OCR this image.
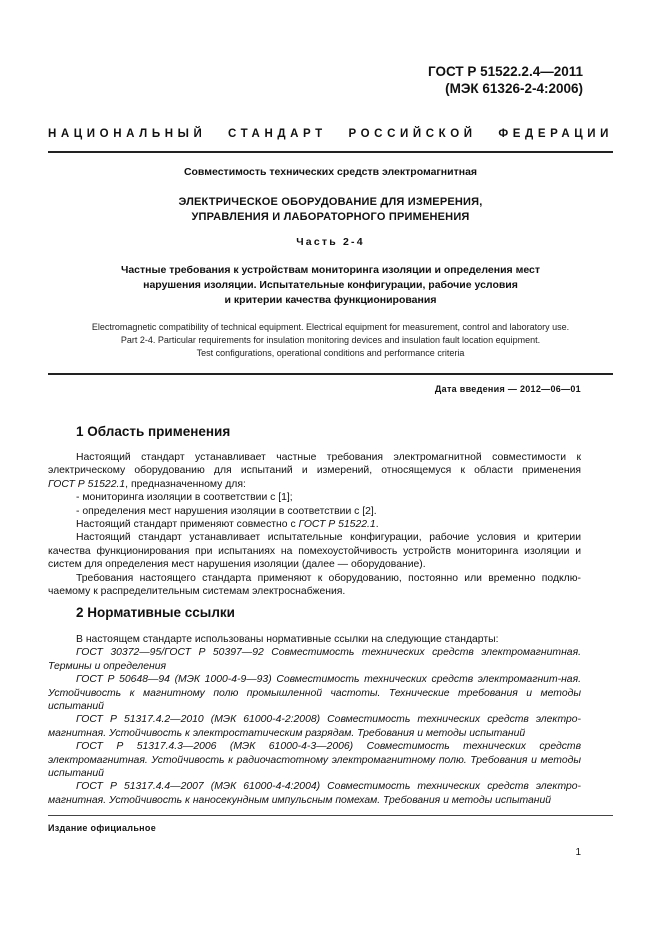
ГОСТ Р 51522.2.4—2011
(МЭК 61326-2-4:2006)
НАЦИОНАЛЬНЫЙ СТАНДАРТ РОССИЙСКОЙ ФЕДЕРАЦИИ
Совместимость технических средств электромагнитная
ЭЛЕКТРИЧЕСКОЕ ОБОРУДОВАНИЕ ДЛЯ ИЗМЕРЕНИЯ,
УПРАВЛЕНИЯ И ЛАБОРАТОРНОГО ПРИМЕНЕНИЯ
Часть 2-4
Частные требования к устройствам мониторинга изоляции и определения мест
нарушения изоляции. Испытательные конфигурации, рабочие условия
и критерии качества функционирования
Electromagnetic compatibility of technical equipment. Electrical equipment for measurement, control and laboratory use.
Part 2-4. Particular requirements for insulation monitoring devices and insulation fault location equipment.
Test configurations, operational conditions and performance criteria
Дата введения — 2012—06—01
1 Область применения

Настоящий стандарт устанавливает частные требования электромагнитной совместимости к

электрическому оборудованию для испытаний и измерений, относящемуся к области применения

ГОСТ Р 51522.1, предназначенному для:

- мониторинга изоляции в соответствии с [1];

- определения мест нарушения изоляции в соответствии с [2].

Настоящий стандарт применяют совместно с ГОСТ Р 51522.1.

Настоящий стандарт устанавливает испытательные конфигурации, рабочие условия и критерии качества функционирования при испытаниях на помехоустойчивость устройств мониторинга изоляции и систем для определения мест нарушения изоляции (далее — оборудование).

Требования настоящего стандарта применяют к оборудованию, постоянно или временно подклю-чаемому к распределительным системам электроснабжения.

2 Нормативные ссылки

В настоящем стандарте использованы нормативные ссылки на следующие стандарты:

ГОСТ 30372—95/ГОСТ Р 50397—92 Совместимость технических средств электромагнитная. Термины и определения

ГОСТ Р 50648—94 (МЭК 1000-4-9—93) Совместимость технических средств электромагнит-ная. Устойчивость к магнитному полю промышленной частоты. Технические требования и методы испытаний

ГОСТ Р 51317.4.2—2010 (МЭК 61000-4-2:2008) Совместимость технических средств электро-магнитная. Устойчивость к электростатическим разрядам. Требования и методы испытаний

ГОСТ Р 51317.4.3—2006 (МЭК 61000-4-3—2006) Совместимость технических средств электромагнитная. Устойчивость к радиочастотному электромагнитному полю. Требования и методы испытаний

ГОСТ Р 51317.4.4—2007 (МЭК 61000-4-4:2004) Совместимость технических средств электро-магнитная. Устойчивость к наносекундным импульсным помехам. Требования и методы испытаний

Издание официальное
1
